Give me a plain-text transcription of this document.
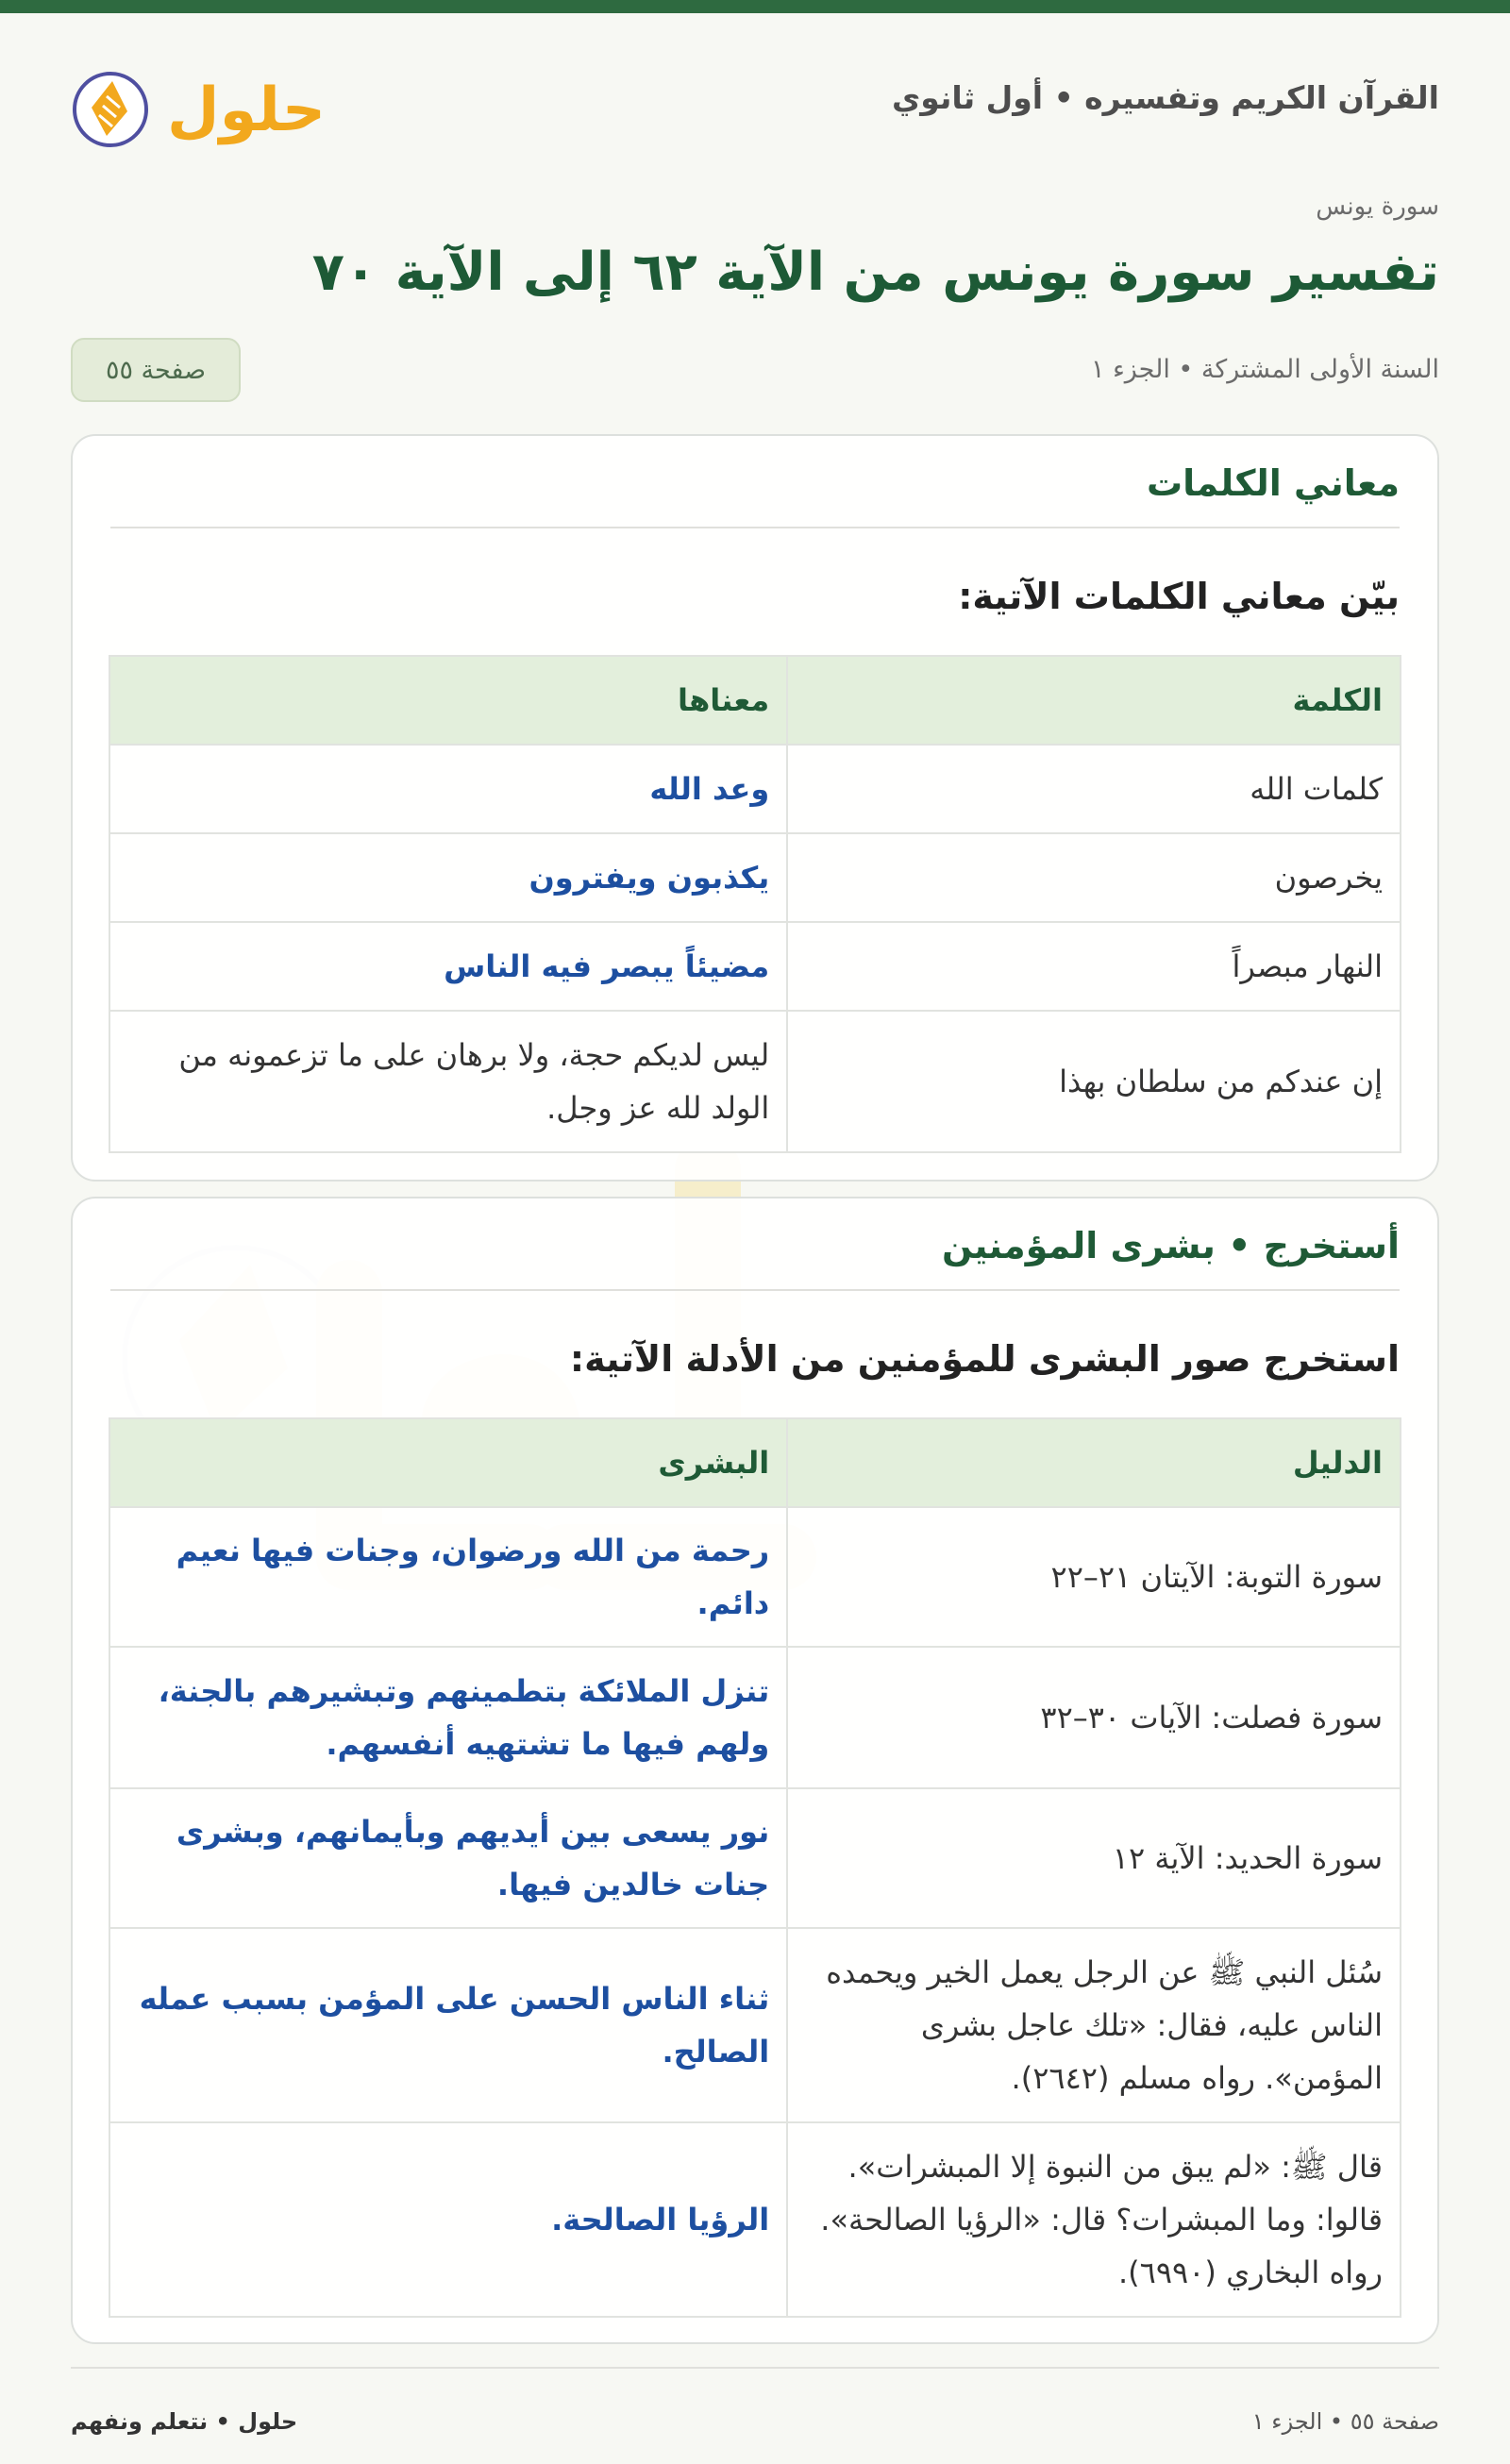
القرآن الكريم وتفسيره • أول ثانوي
حلول
سورة يونس
تفسير سورة يونس من الآية ٦٢ إلى الآية ٧٠
السنة الأولى المشتركة • الجزء ١
صفحة ٥٥
معاني الكلمات
بيّن معاني الكلمات الآتية:
الكلمة	معناها
كلمات الله	وعد الله
يخرصون	يكذبون ويفترون
النهار مبصراً	مضيئاً يبصر فيه الناس
إن عندكم من سلطان بهذا	ليس لديكم حجة، ولا برهان على ما تزعمونه من الولد لله عز وجل.
أستخرج • بشرى المؤمنين
استخرج صور البشرى للمؤمنين من الأدلة الآتية:
الدليل	البشرى
سورة التوبة: الآيتان ٢١–٢٢	رحمة من الله ورضوان، وجنات فيها نعيم دائم.
سورة فصلت: الآيات ٣٠–٣٢	تنزل الملائكة بتطمينهم وتبشيرهم بالجنة، ولهم فيها ما تشتهيه أنفسهم.
سورة الحديد: الآية ١٢	نور يسعى بين أيديهم وبأيمانهم، وبشرى جنات خالدين فيها.
سُئل النبي ﷺ عن الرجل يعمل الخير ويحمده الناس عليه، فقال: «تلك عاجل بشرى المؤمن». رواه مسلم (٢٦٤٢).	ثناء الناس الحسن على المؤمن بسبب عمله الصالح.
قال ﷺ: «لم يبق من النبوة إلا المبشرات». قالوا: وما المبشرات؟ قال: «الرؤيا الصالحة». رواه البخاري (٦٩٩٠).	الرؤيا الصالحة.
صفحة ٥٥ • الجزء ١
حلول • نتعلم ونفهم
